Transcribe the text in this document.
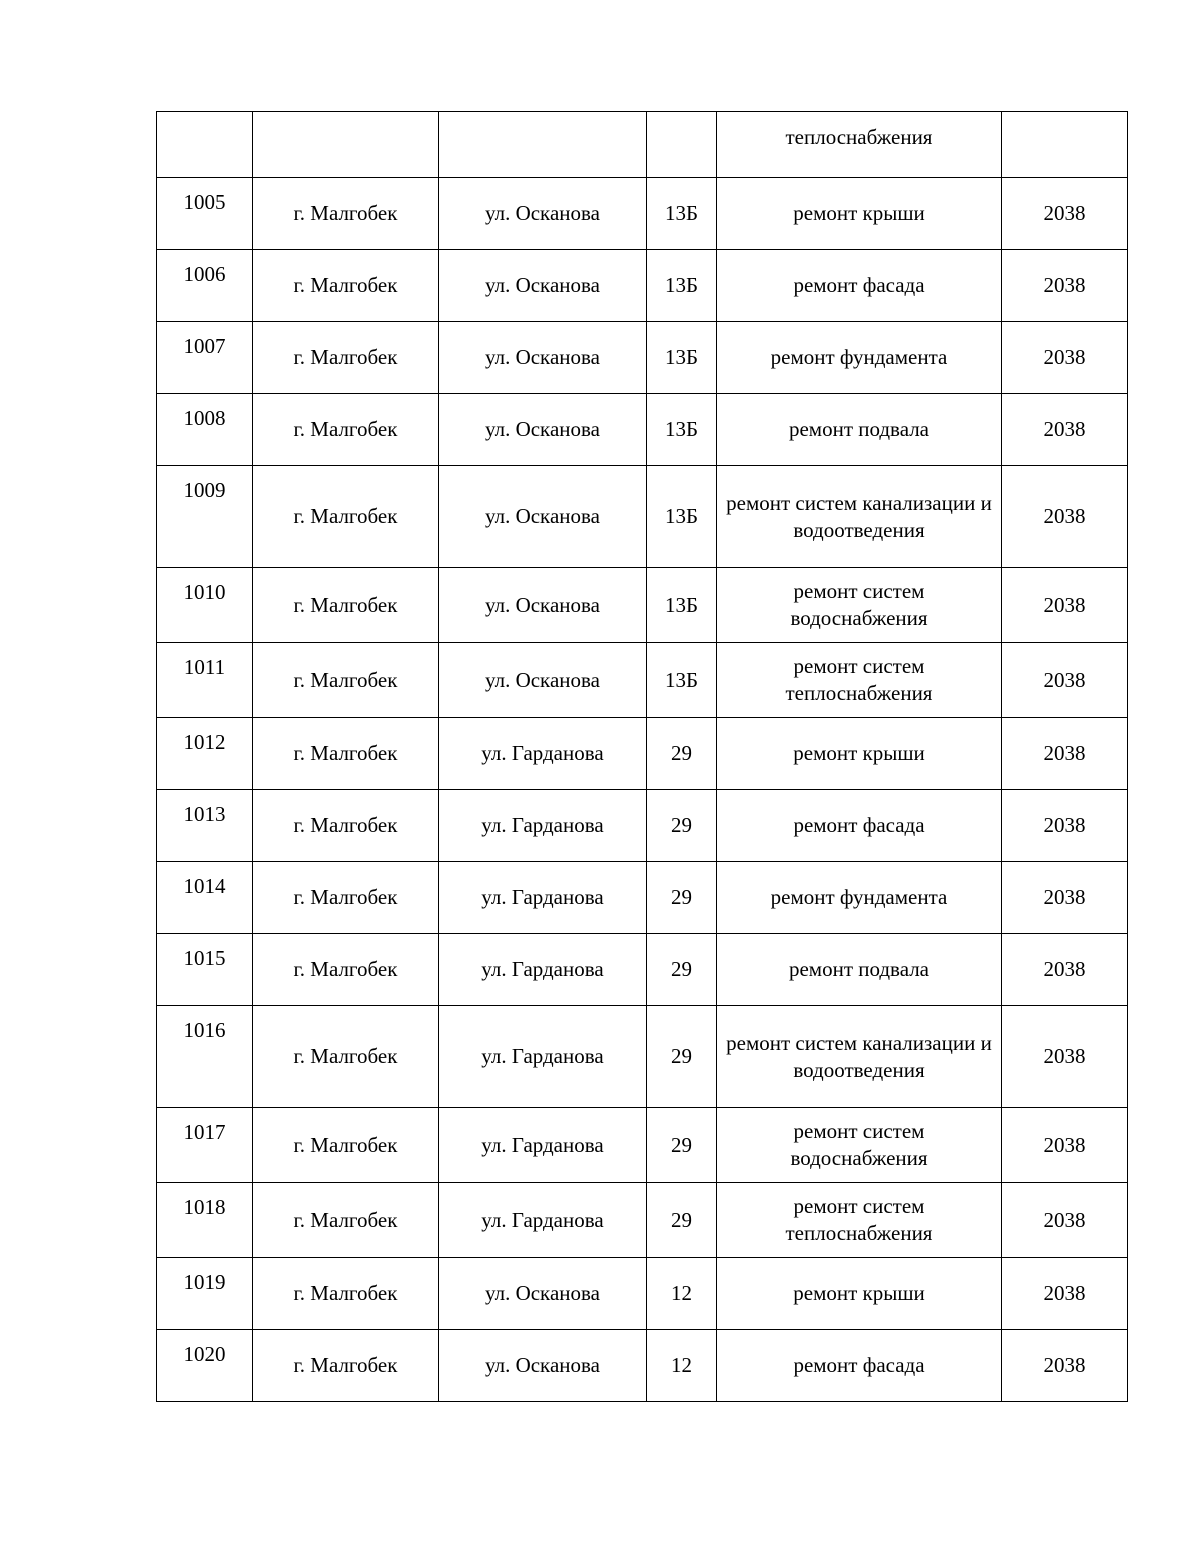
				теплоснабжения	
1005	г. Малгобек	ул. Осканова	13Б	ремонт крыши	2038
1006	г. Малгобек	ул. Осканова	13Б	ремонт фасада	2038
1007	г. Малгобек	ул. Осканова	13Б	ремонт фундамента	2038
1008	г. Малгобек	ул. Осканова	13Б	ремонт подвала	2038
1009	г. Малгобек	ул. Осканова	13Б	ремонт систем канализации и водоотведения	2038
1010	г. Малгобек	ул. Осканова	13Б	ремонт систем водоснабжения	2038
1011	г. Малгобек	ул. Осканова	13Б	ремонт систем теплоснабжения	2038
1012	г. Малгобек	ул. Гарданова	29	ремонт крыши	2038
1013	г. Малгобек	ул. Гарданова	29	ремонт фасада	2038
1014	г. Малгобек	ул. Гарданова	29	ремонт фундамента	2038
1015	г. Малгобек	ул. Гарданова	29	ремонт подвала	2038
1016	г. Малгобек	ул. Гарданова	29	ремонт систем канализации и водоотведения	2038
1017	г. Малгобек	ул. Гарданова	29	ремонт систем водоснабжения	2038
1018	г. Малгобек	ул. Гарданова	29	ремонт систем теплоснабжения	2038
1019	г. Малгобек	ул. Осканова	12	ремонт крыши	2038
1020	г. Малгобек	ул. Осканова	12	ремонт фасада	2038
